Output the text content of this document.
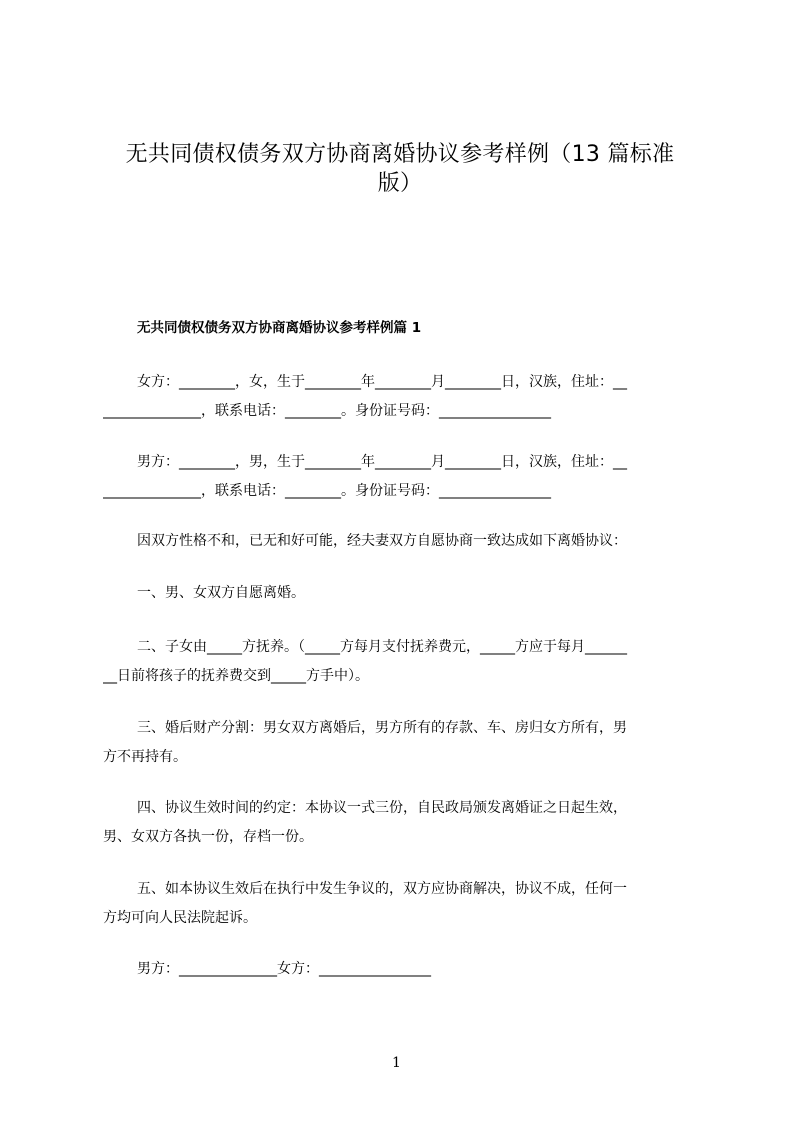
无共同债权债务双方协商离婚协议参考样例（13 篇标准
版）

无共同债权债务双方协商离婚协议参考样例篇 1

女方：________，女，生于________年________月________日，汉族，住址：__
______________，联系电话：________。身份证号码：________________

男方：________，男，生于________年________月________日，汉族，住址：__
______________，联系电话：________。身份证号码：________________

因双方性格不和，已无和好可能，经夫妻双方自愿协商一致达成如下离婚协议：

一、男、女双方自愿离婚。

二、子女由_____方抚养。（_____方每月支付抚养费元，_____方应于每月______
__日前将孩子的抚养费交到_____方手中）。

三、婚后财产分割：男女双方离婚后，男方所有的存款、车、房归女方所有，男
方不再持有。

四、协议生效时间的约定：本协议一式三份，自民政局颁发离婚证之日起生效，
男、女双方各执一份，存档一份。

五、如本协议生效后在执行中发生争议的，双方应协商解决，协议不成，任何一
方均可向人民法院起诉。

男方：______________女方：________________

1
